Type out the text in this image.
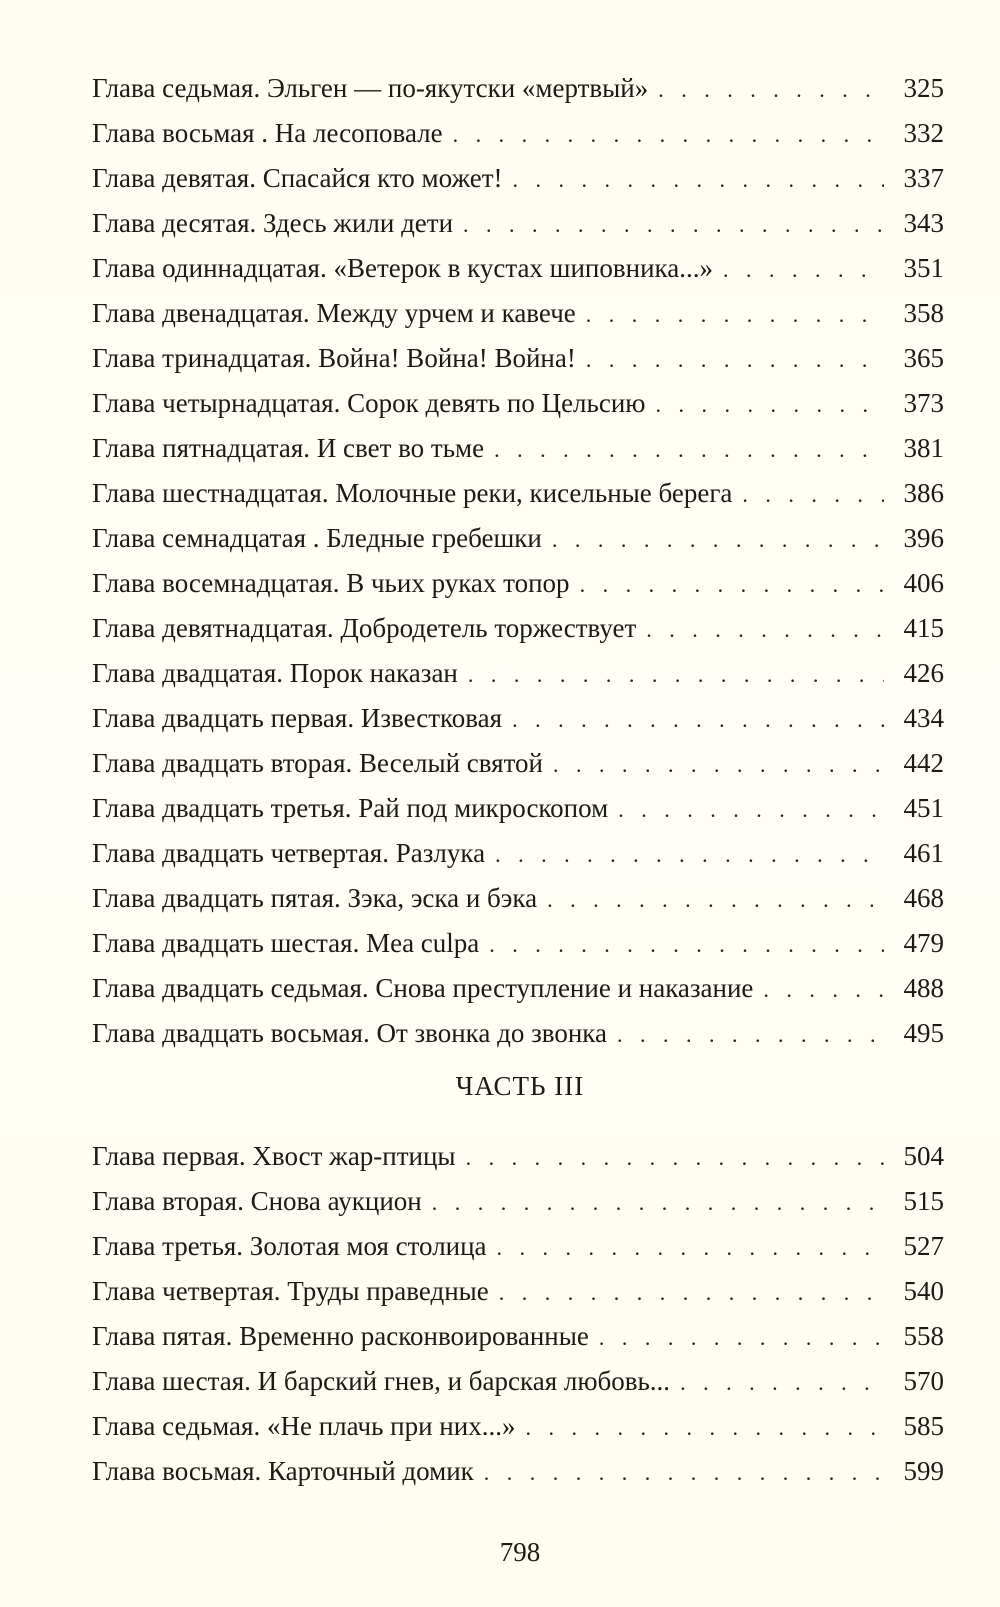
Глава седьмая. Эльген — по-якутски «мертвый» . . .	325
Глава восьмая . На лесоповале . . .	332
Глава девятая. Спасайся кто может! . . .	337
Глава десятая. Здесь жили дети . . .	343
Глава одиннадцатая. «Ветерок в кустах шиповника...» . . .	351
Глава двенадцатая. Между урчем и кавече . . .	358
Глава тринадцатая. Война! Война! Война! . . .	365
Глава четырнадцатая. Сорок девять по Цельсию . . .	373
Глава пятнадцатая. И свет во тьме . . .	381
Глава шестнадцатая. Молочные реки, кисельные берега . . .	386
Глава семнадцатая . Бледные гребешки . . .	396
Глава восемнадцатая. В чьих руках топор . . .	406
Глава девятнадцатая. Добродетель торжествует . . .	415
Глава двадцатая. Порок наказан . . .	426
Глава двадцать первая. Известковая . . .	434
Глава двадцать вторая. Веселый святой . . .	442
Глава двадцать третья. Рай под микроскопом . . .	451
Глава двадцать четвертая. Разлука . . .	461
Глава двадцать пятая. Зэка, эска и бэка . . .	468
Глава двадцать шестая. Mea culpa . . .	479
Глава двадцать седьмая. Снова преступление и наказание . . .	488
Глава двадцать восьмая. От звонка до звонка . . .	495
ЧАСТЬ III
Глава первая. Хвост жар-птицы . . .	504
Глава вторая. Снова аукцион . . .	515
Глава третья. Золотая моя столица . . .	527
Глава четвертая. Труды праведные . . .	540
Глава пятая. Временно расконвоированные . . .	558
Глава шестая. И барский гнев, и барская любовь... . . .	570
Глава седьмая. «Не плачь при них...» . . .	585
Глава восьмая. Карточный домик . . .	599
798
